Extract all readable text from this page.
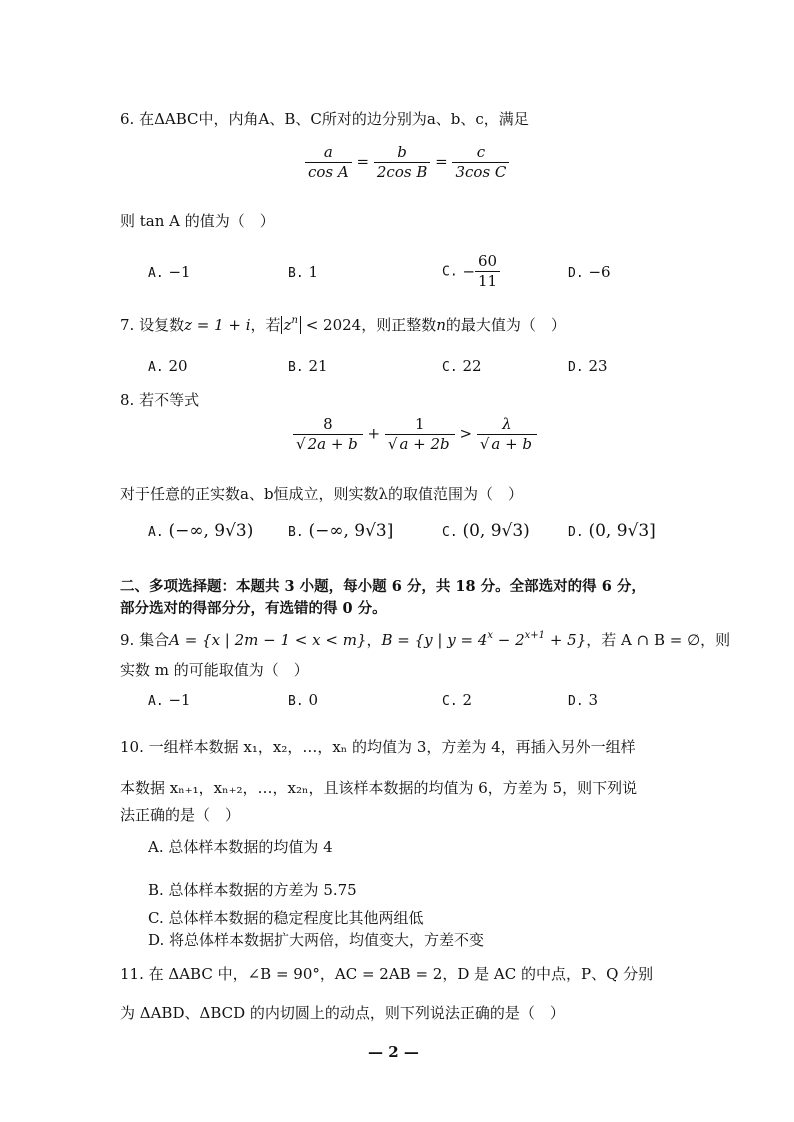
6. 在ΔABC中，内角A、B、C所对的边分别为a、b、c，满足
$\frac{a}{\text{cos A}} = \frac{b}{\text{2cos B}} = \frac{c}{\text{3cos C}}$
则 tan A 的值为（　）
A. −1	B. 1	C. − $\frac{60}{11}$	D. −6
7. 设复数z = 1 + i，若 $z^n < 2024$，则正整数n的最大值为（　）
A. 20	B. 21	C. 22	D. 23
8. 若不等式
$\frac{8}{√ 2a + b} + \frac{1}{√ a + 2b} > \frac{\lambda}{√ a + b}$
对于任意的正实数a、b恒成立，则实数λ的取值范围为（　）
A. (−∞, 9√3)	B. (−∞, 9√3]	C. (0, 9√3)	D. (0, 9√3]
二、多项选择题：本题共 3 小题，每小题 6 分，共 18 分。全部选对的得 6 分，
部分选对的得部分分，有选错的得 0 分。
9. 集合A = {x | 2m − 1 < x < m}，B = {y | $y = 4^x - 2^{x+1} + 5$}，若 A ∩ B = ∅，则
实数 m 的可能取值为（　）
A. −1	B. 0	C. 2	D. 3
10. 一组样本数据 x₁，x₂，…，xₙ 的均值为 3，方差为 4，再插入另外一组样
本数据 xₙ₊₁，xₙ₊₂，…，x₂ₙ，且该样本数据的均值为 6，方差为 5，则下列说
法正确的是（　）
A. 总体样本数据的均值为 4
B. 总体样本数据的方差为 5.75
C. 总体样本数据的稳定程度比其他两组低
D. 将总体样本数据扩大两倍，均值变大，方差不变
11. 在 ΔABC 中，∠B = 90°，AC = 2AB = 2，D 是 AC 的中点，P、Q 分别
为 ΔABD、ΔBCD 的内切圆上的动点，则下列说法正确的是（　）
— 2 —
